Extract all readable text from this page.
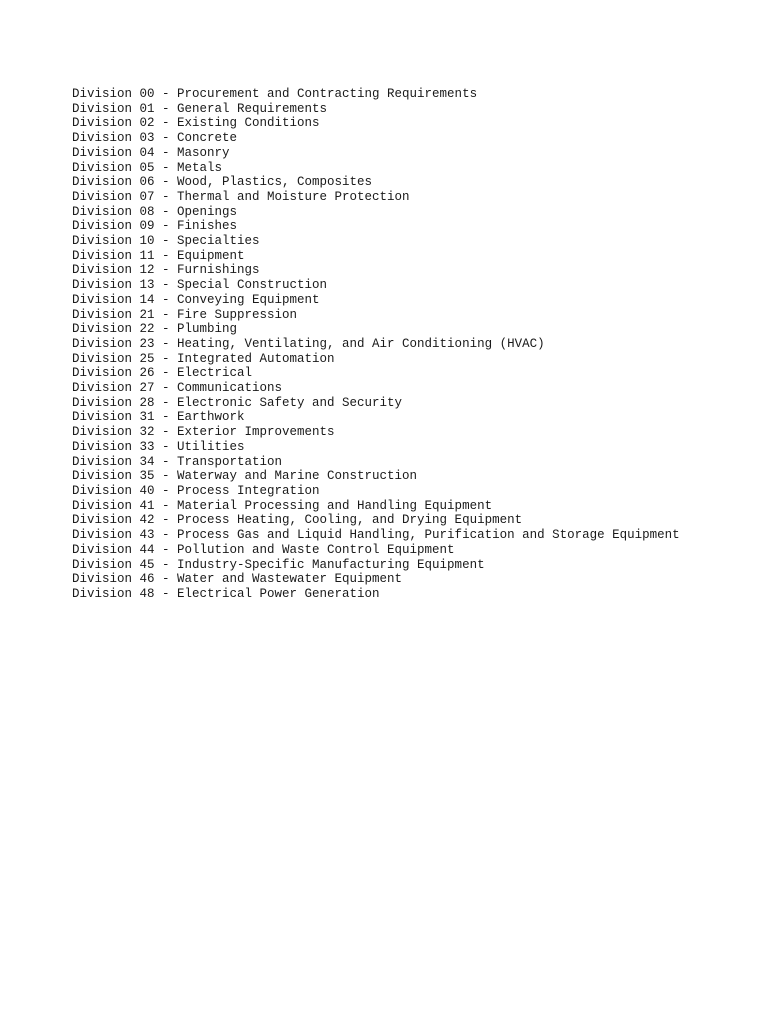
Division 00 - Procurement and Contracting Requirements
Division 01 - General Requirements
Division 02 - Existing Conditions
Division 03 - Concrete
Division 04 - Masonry
Division 05 - Metals
Division 06 - Wood, Plastics, Composites
Division 07 - Thermal and Moisture Protection
Division 08 - Openings
Division 09 - Finishes
Division 10 - Specialties
Division 11 - Equipment
Division 12 - Furnishings
Division 13 - Special Construction
Division 14 - Conveying Equipment
Division 21 - Fire Suppression
Division 22 - Plumbing
Division 23 - Heating, Ventilating, and Air Conditioning (HVAC)
Division 25 - Integrated Automation
Division 26 - Electrical
Division 27 - Communications
Division 28 - Electronic Safety and Security
Division 31 - Earthwork
Division 32 - Exterior Improvements
Division 33 - Utilities
Division 34 - Transportation
Division 35 - Waterway and Marine Construction
Division 40 - Process Integration
Division 41 - Material Processing and Handling Equipment
Division 42 - Process Heating, Cooling, and Drying Equipment
Division 43 - Process Gas and Liquid Handling, Purification and Storage Equipment
Division 44 - Pollution and Waste Control Equipment
Division 45 - Industry-Specific Manufacturing Equipment
Division 46 - Water and Wastewater Equipment
Division 48 - Electrical Power Generation
